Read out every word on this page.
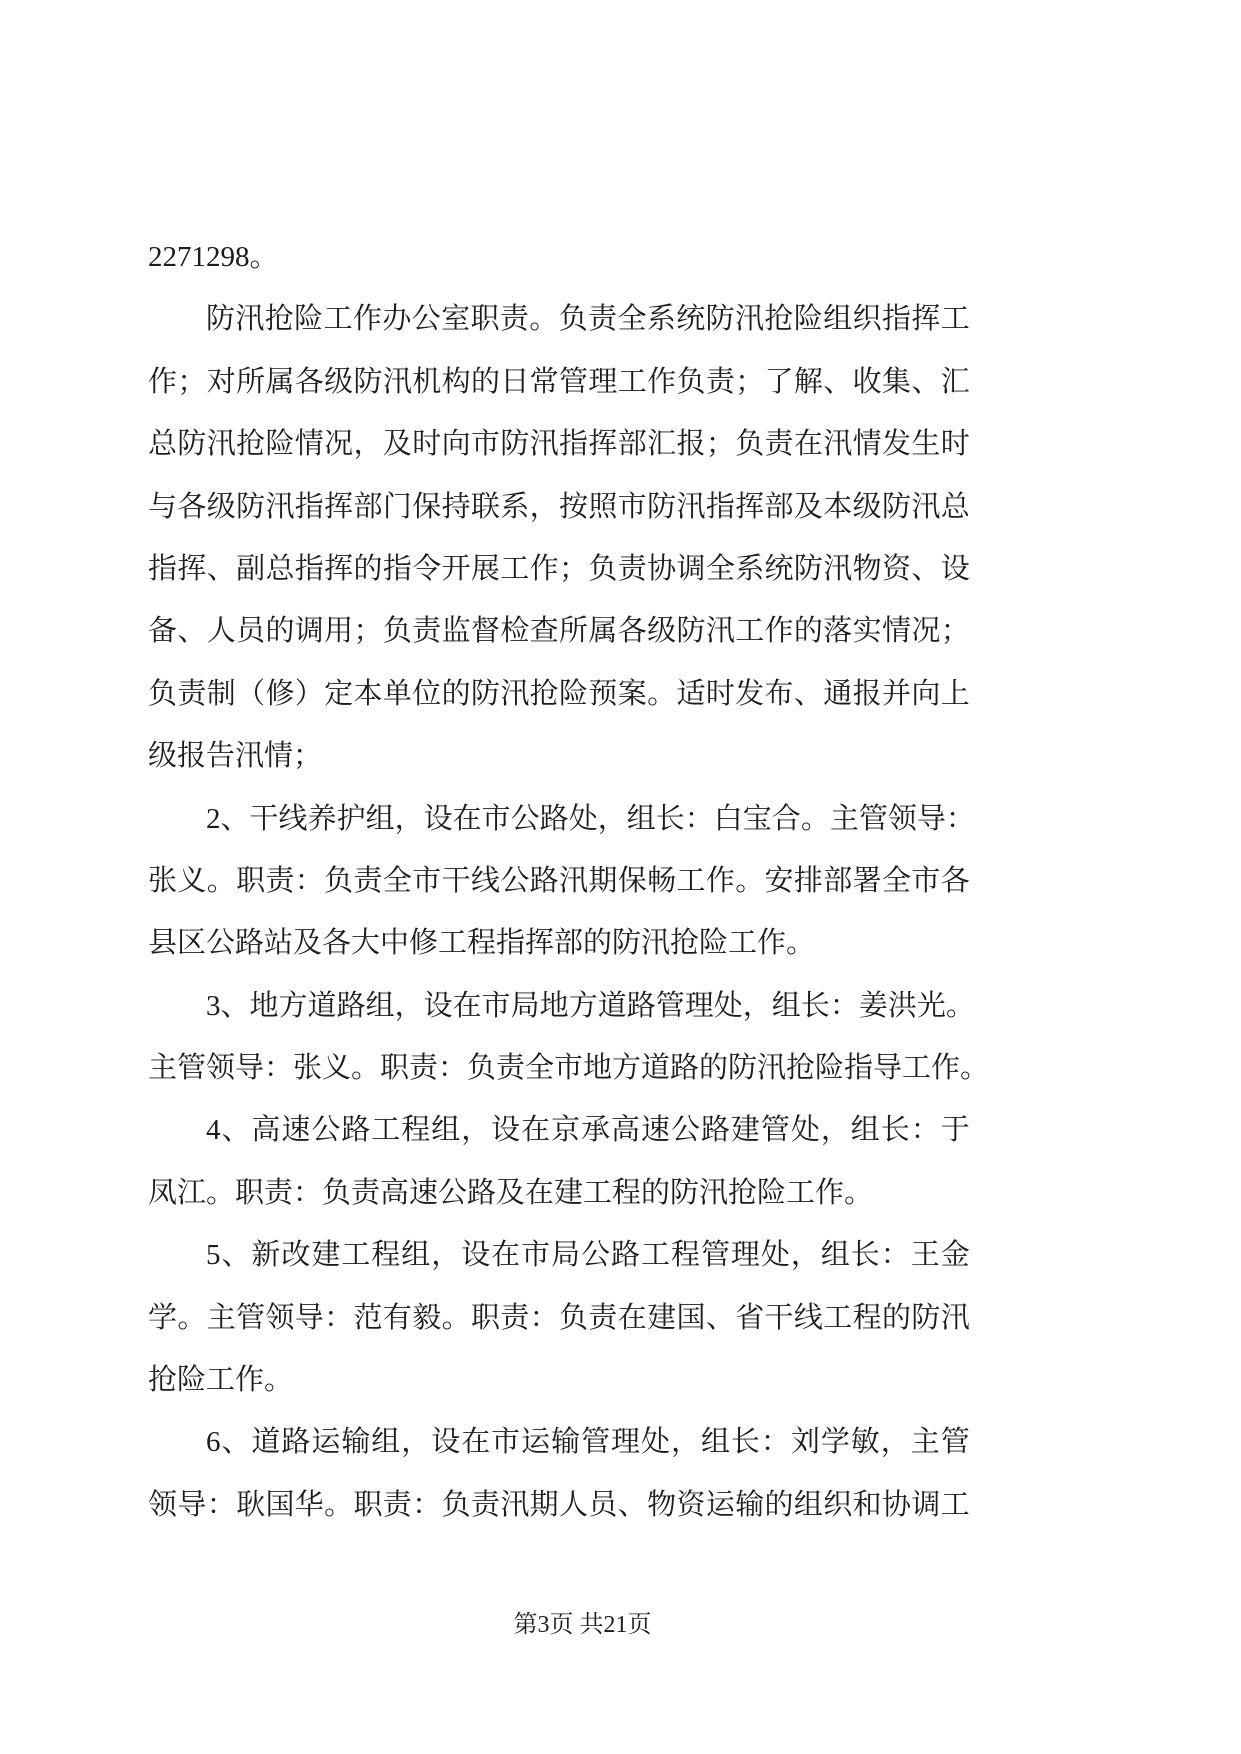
2271298。
防 汛 抢 险 工 作 办 公 室 职 责 。 负 责 全 系 统 防 汛 抢 险 组 织 指 挥 工
作 ； 对 所 属 各 级 防 汛 机 构 的 日 常 管 理 工 作 负 责 ； 了 解 、 收 集 、 汇
总 防 汛 抢 险 情 况 ， 及 时 向 市 防 汛 指 挥 部 汇 报 ； 负 责 在 汛 情 发 生 时
与 各 级 防 汛 指 挥 部 门 保 持 联 系 ， 按 照 市 防 汛 指 挥 部 及 本 级 防 汛 总
指 挥 、 副 总 指 挥 的 指 令 开 展 工 作 ； 负 责 协 调 全 系 统 防 汛 物 资 、 设
备 、 人 员 的 调 用 ； 负 责 监 督 检 查 所 属 各 级 防 汛 工 作 的 落 实 情 况 ；
负 责 制 （ 修 ） 定 本 单 位 的 防 汛 抢 险 预 案 。 适 时 发 布 、 通 报 并 向 上
级报告汛情；
2 、 干 线 养 护 组 ， 设 在 市 公 路 处 ， 组 长 ： 白 宝 合 。 主 管 领 导 ：
张 义 。 职 责 ： 负 责 全 市 干 线 公 路 汛 期 保 畅 工 作 。 安 排 部 署 全 市 各
县区公路站及各大中修工程指挥部的防汛抢险工作。
3 、 地 方 道 路 组 ， 设 在 市 局 地 方 道 路 管 理 处 ， 组 长 ： 姜 洪 光 。
主管领导：张义。职责：负责全市地方道路的防汛抢险指导工作。
4 、 高 速 公 路 工 程 组 ， 设 在 京 承 高 速 公 路 建 管 处 ， 组 长 ： 于
凤江。职责：负责高速公路及在建工程的防汛抢险工作。
5 、 新 改 建 工 程 组 ， 设 在 市 局 公 路 工 程 管 理 处 ， 组 长 ： 王 金
学 。 主 管 领 导 ： 范 有 毅 。 职 责 ： 负 责 在 建 国 、 省 干 线 工 程 的 防 汛
抢险工作。
6 、 道 路 运 输 组 ， 设 在 市 运 输 管 理 处 ， 组 长 ： 刘 学 敏 ， 主 管
领 导 ： 耿 国 华 。 职 责 ： 负 责 汛 期 人 员 、 物 资 运 输 的 组 织 和 协 调 工
第3页 共21页
